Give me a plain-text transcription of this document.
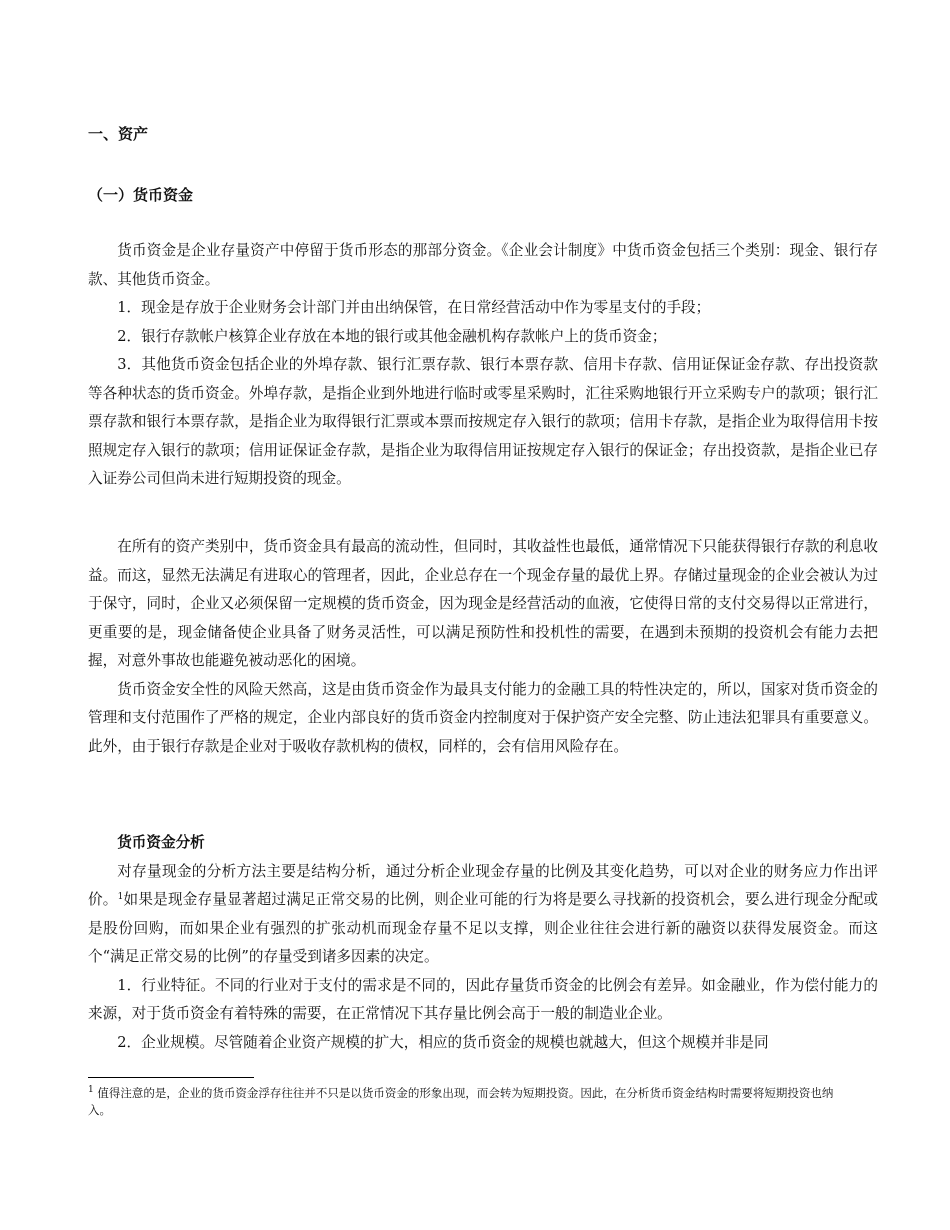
一、资产
（一）货币资金

货币资金是企业存量资产中停留于货币形态的那部分资金。《企业会计制度》中货币资金包括三个类别：现金、银行存款、其他货币资金。

1．现金是存放于企业财务会计部门并由出纳保管，在日常经营活动中作为零星支付的手段；

2．银行存款帐户核算企业存放在本地的银行或其他金融机构存款帐户上的货币资金；

3．其他货币资金包括企业的外埠存款、银行汇票存款、银行本票存款、信用卡存款、信用证保证金存款、存出投资款等各种状态的货币资金。外埠存款，是指企业到外地进行临时或零星采购时，汇往采购地银行开立采购专户的款项；银行汇票存款和银行本票存款，是指企业为取得银行汇票或本票而按规定存入银行的款项；信用卡存款，是指企业为取得信用卡按照规定存入银行的款项；信用证保证金存款，是指企业为取得信用证按规定存入银行的保证金；存出投资款，是指企业已存入证券公司但尚未进行短期投资的现金。

在所有的资产类别中，货币资金具有最高的流动性，但同时，其收益性也最低，通常情况下只能获得银行存款的利息收益。而这，显然无法满足有进取心的管理者，因此，企业总存在一个现金存量的最优上界。存储过量现金的企业会被认为过于保守，同时，企业又必须保留一定规模的货币资金，因为现金是经营活动的血液，它使得日常的支付交易得以正常进行，更重要的是，现金储备使企业具备了财务灵活性，可以满足预防性和投机性的需要，在遇到未预期的投资机会有能力去把握，对意外事故也能避免被动恶化的困境。

货币资金安全性的风险天然高，这是由货币资金作为最具支付能力的金融工具的特性决定的，所以，国家对货币资金的管理和支付范围作了严格的规定，企业内部良好的货币资金内控制度对于保护资产安全完整、防止违法犯罪具有重要意义。此外，由于银行存款是企业对于吸收存款机构的债权，同样的，会有信用风险存在。

货币资金分析

对存量现金的分析方法主要是结构分析，通过分析企业现金存量的比例及其变化趋势，可以对企业的财务应力作出评价。$^1$如果是现金存量显著超过满足正常交易的比例，则企业可能的行为将是要么寻找新的投资机会，要么进行现金分配或是股份回购，而如果企业有强烈的扩张动机而现金存量不足以支撑，则企业往往会进行新的融资以获得发展资金。而这个“满足正常交易的比例”的存量受到诸多因素的决定。

1．行业特征。不同的行业对于支付的需求是不同的，因此存量货币资金的比例会有差异。如金融业，作为偿付能力的来源，对于货币资金有着特殊的需要，在正常情况下其存量比例会高于一般的制造业企业。

2．企业规模。尽管随着企业资产规模的扩大，相应的货币资金的规模也就越大，但这个规模并非是同

$^1$ 值得注意的是，企业的货币资金浮存往往并不只是以货币资金的形象出现，而会转为短期投资。因此，在分析货币资金结构时需要将短期投资也纳入。
